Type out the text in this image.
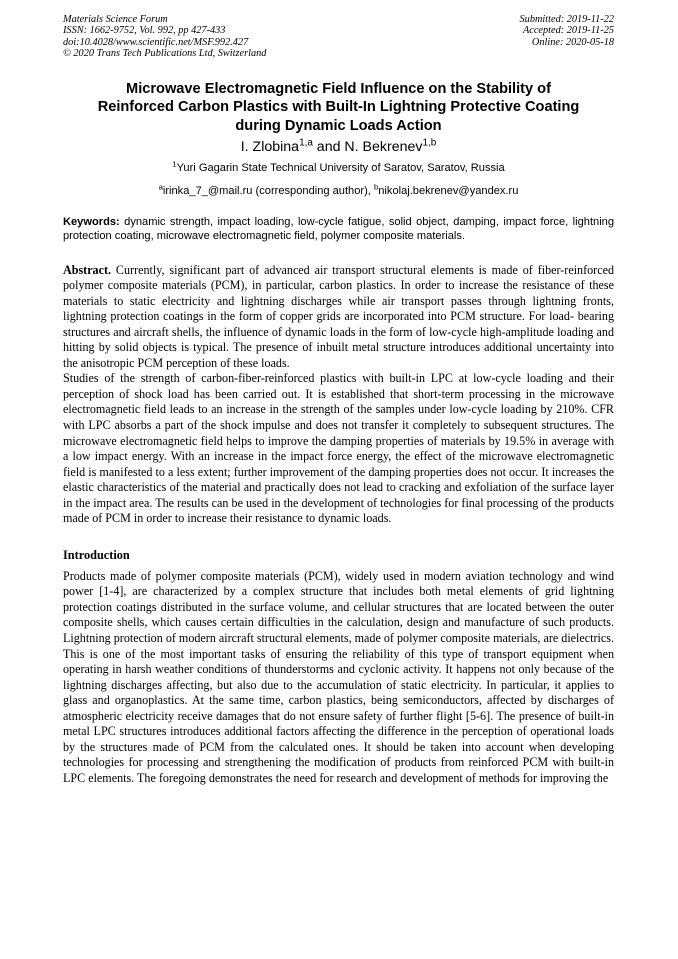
Materials Science Forum
ISSN: 1662-9752, Vol. 992, pp 427-433
doi:10.4028/www.scientific.net/MSF.992.427
© 2020 Trans Tech Publications Ltd, Switzerland
Submitted: 2019-11-22
Accepted: 2019-11-25
Online: 2020-05-18
Microwave Electromagnetic Field Influence on the Stability of
Reinforced Carbon Plastics with Built-In Lightning Protective Coating
during Dynamic Loads Action
I. Zlobina$^{1,a}$ and N. Bekrenev$^{1,b}$
$^1$Yuri Gagarin State Technical University of Saratov, Saratov, Russia
$^a$irinka_7_@mail.ru (corresponding author), $^b$nikolaj.bekrenev@yandex.ru
Keywords: dynamic strength, impact loading, low-cycle fatigue, solid object, damping, impact force, lightning protection coating, microwave electromagnetic field, polymer composite materials.

Abstract. Currently, significant part of advanced air transport structural elements is made of fiber-reinforced polymer composite materials (PCM), in particular, carbon plastics. In order to increase the resistance of these materials to static electricity and lightning discharges while air transport passes through lightning fronts, lightning protection coatings in the form of copper grids are incorporated into PCM structure. For load- bearing structures and aircraft shells, the influence of dynamic loads in the form of low-cycle high-amplitude loading and hitting by solid objects is typical. The presence of inbuilt metal structure introduces additional uncertainty into the anisotropic PCM perception of these loads.

Studies of the strength of carbon-fiber-reinforced plastics with built-in LPC at low-cycle loading and their perception of shock load has been carried out. It is established that short-term processing in the microwave electromagnetic field leads to an increase in the strength of the samples under low-cycle loading by 210%. CFR with LPC absorbs a part of the shock impulse and does not transfer it completely to subsequent structures. The microwave electromagnetic field helps to improve the damping properties of materials by 19.5% in average with a low impact energy. With an increase in the impact force energy, the effect of the microwave electromagnetic field is manifested to a less extent; further improvement of the damping properties does not occur. It increases the elastic characteristics of the material and practically does not lead to cracking and exfoliation of the surface layer in the impact area. The results can be used in the development of technologies for final processing of the products made of PCM in order to increase their resistance to dynamic loads.

Introduction

Products made of polymer composite materials (PCM), widely used in modern aviation technology and wind power [1-4], are characterized by a complex structure that includes both metal elements of grid lightning protection coatings distributed in the surface volume, and cellular structures that are located between the outer composite shells, which causes certain difficulties in the calculation, design and manufacture of such products. Lightning protection of modern aircraft structural elements, made of polymer composite materials, are dielectrics. This is one of the most important tasks of ensuring the reliability of this type of transport equipment when operating in harsh weather conditions of thunderstorms and cyclonic activity. It happens not only because of the lightning discharges affecting, but also due to the accumulation of static electricity. In particular, it applies to glass and organoplastics. At the same time, carbon plastics, being semiconductors, affected by discharges of atmospheric electricity receive damages that do not ensure safety of further flight [5-6]. The presence of built-in metal LPC structures introduces additional factors affecting the difference in the perception of operational loads by the structures made of PCM from the calculated ones. It should be taken into account when developing technologies for processing and strengthening the modification of products from reinforced PCM with built-in LPC elements. The foregoing demonstrates the need for research and development of methods for improving the
